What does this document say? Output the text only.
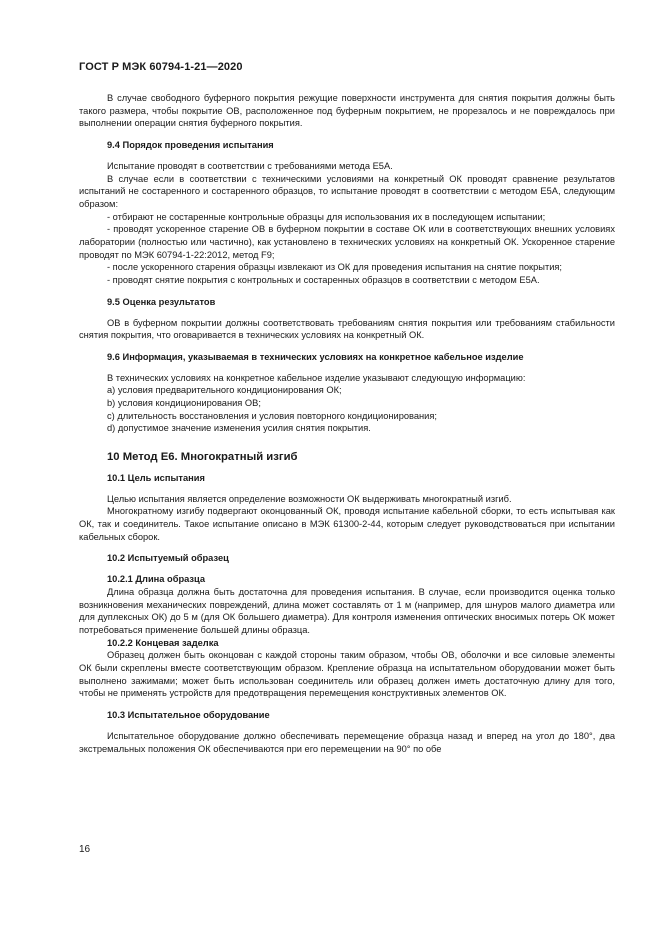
ГОСТ Р МЭК 60794-1-21—2020

В случае свободного буферного покрытия режущие поверхности инструмента для снятия покрытия должны быть такого размера, чтобы покрытие ОВ, расположенное под буферным покрытием, не прорезалось и не повреждалось при выполнении операции снятия буферного покрытия.

9.4 Порядок проведения испытания

Испытание проводят в соответствии с требованиями метода E5A.

В случае если в соответствии с техническими условиями на конкретный ОК проводят сравнение результатов испытаний не состаренного и состаренного образцов, то испытание проводят в соответствии с методом E5A, следующим образом:

- отбирают не состаренные контрольные образцы для использования их в последующем испытании;

- проводят ускоренное старение ОВ в буферном покрытии в составе ОК или в соответствующих внешних условиях лаборатории (полностью или частично), как установлено в технических условиях на конкретный ОК. Ускоренное старение проводят по МЭК 60794-1-22:2012, метод F9;

- после ускоренного старения образцы извлекают из ОК для проведения испытания на снятие покрытия;

- проводят снятие покрытия с контрольных и состаренных образцов в соответствии с методом E5A.

9.5 Оценка результатов

ОВ в буферном покрытии должны соответствовать требованиям снятия покрытия или требованиям стабильности снятия покрытия, что оговаривается в технических условиях на конкретный ОК.

9.6 Информация, указываемая в технических условиях на конкретное кабельное изделие

В технических условиях на конкретное кабельное изделие указывают следующую информацию:

а) условия предварительного кондиционирования ОК;

b) условия кондиционирования ОВ;

с) длительность восстановления и условия повторного кондиционирования;

d) допустимое значение изменения усилия снятия покрытия.

10 Метод E6. Многократный изгиб

10.1 Цель испытания

Целью испытания является определение возможности ОК выдерживать многократный изгиб.

Многократному изгибу подвергают оконцованный ОК, проводя испытание кабельной сборки, то есть испытывая как ОК, так и соединитель. Такое испытание описано в МЭК 61300-2-44, которым следует руководствоваться при испытании кабельных сборок.

10.2 Испытуемый образец

10.2.1 Длина образца

Длина образца должна быть достаточна для проведения испытания. В случае, если производится оценка только возникновения механических повреждений, длина может составлять от 1 м (например, для шнуров малого диаметра или для дуплексных ОК) до 5 м (для ОК большего диаметра). Для контроля изменения оптических вносимых потерь ОК может потребоваться применение большей длины образца.

10.2.2 Концевая заделка

Образец должен быть оконцован с каждой стороны таким образом, чтобы ОВ, оболочки и все силовые элементы ОК были скреплены вместе соответствующим образом. Крепление образца на испытательном оборудовании может быть выполнено зажимами; может быть использован соединитель или образец должен иметь достаточную длину для того, чтобы не применять устройств для предотвращения перемещения конструктивных элементов ОК.

10.3 Испытательное оборудование

Испытательное оборудование должно обеспечивать перемещение образца назад и вперед на угол до 180°, два экстремальных положения ОК обеспечиваются при его перемещении на 90° по обе

16
